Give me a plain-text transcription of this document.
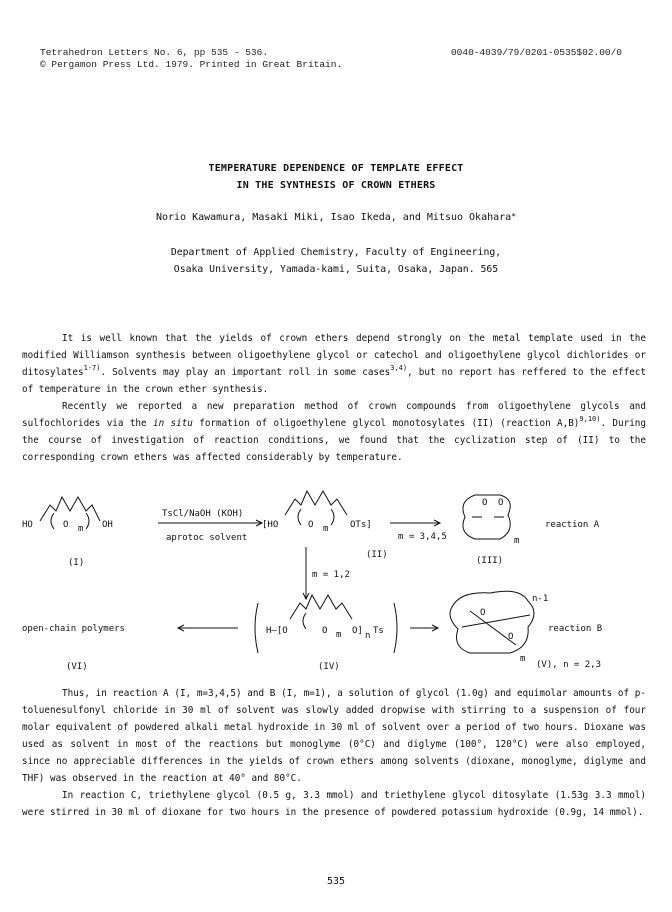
Tetrahedron Letters No. 6, pp 535 - 536.
© Pergamon Press Ltd. 1979. Printed in Great Britain.
0040-4039/79/0201-0535$02.00/0
TEMPERATURE DEPENDENCE OF TEMPLATE EFFECT
IN THE SYNTHESIS OF CROWN ETHERS
Norio Kawamura, Masaki Miki, Isao Ikeda, and Mitsuo Okahara*
Department of Applied Chemistry, Faculty of Engineering,
Osaka University, Yamada-kami, Suita, Osaka, Japan. 565
It is well known that the yields of crown ethers depend strongly on the metal template used in the modified Williamson synthesis between oligoethylene glycol or catechol and oligoethylene glycol dichlorides or ditosylates$^{1-7)}$. Solvents may play an important roll in some cases$^{3,4)}$, but no report has reffered to the effect of temperature in the crown ether synthesis.
Recently we reported a new preparation method of crown compounds from oligoethylene glycols and sulfochlorides via the in situ formation of oligoethylene glycol monotosylates (II) (reaction A,B)$^{9,10)}$. During the course of investigation of reaction conditions, we found that the cyclization step of (II) to the corresponding crown ethers was affected considerably by temperature.
HO	O m OH
TsCl/NaOH (KOH)
aprotoc solvent
(I)
[HO	O m OTs]
(II)
m = 3,4,5
m = 1,2
O O
m
(III)
reaction A
open-chain polymers
(VI)
H—[O	O m O] n Ts
(IV)
n-1
O
O
m
reaction B
(V), n = 2,3
Thus, in reaction A (I, m=3,4,5) and B (I, m=1), a solution of glycol (1.0g) and equimolar amounts of p-toluenesulfonyl chloride in 30 ml of solvent was slowly added dropwise with stirring to a suspension of four molar equivalent of powdered alkali metal hydroxide in 30 ml of solvent over a period of two hours. Dioxane was used as solvent in most of the reactions but monoglyme (0°C) and diglyme (100°, 120°C) were also employed, since no appreciable differences in the yields of crown ethers among solvents (dioxane, monoglyme, diglyme and THF) was observed in the reaction at 40° and 80°C.
In reaction C, triethylene glycol (0.5 g, 3.3 mmol) and triethylene glycol ditosylate (1.53g 3.3 mmol) were stirred in 30 ml of dioxane for two hours in the presence of powdered potassium hydroxide (0.9g, 14 mmol).
535
